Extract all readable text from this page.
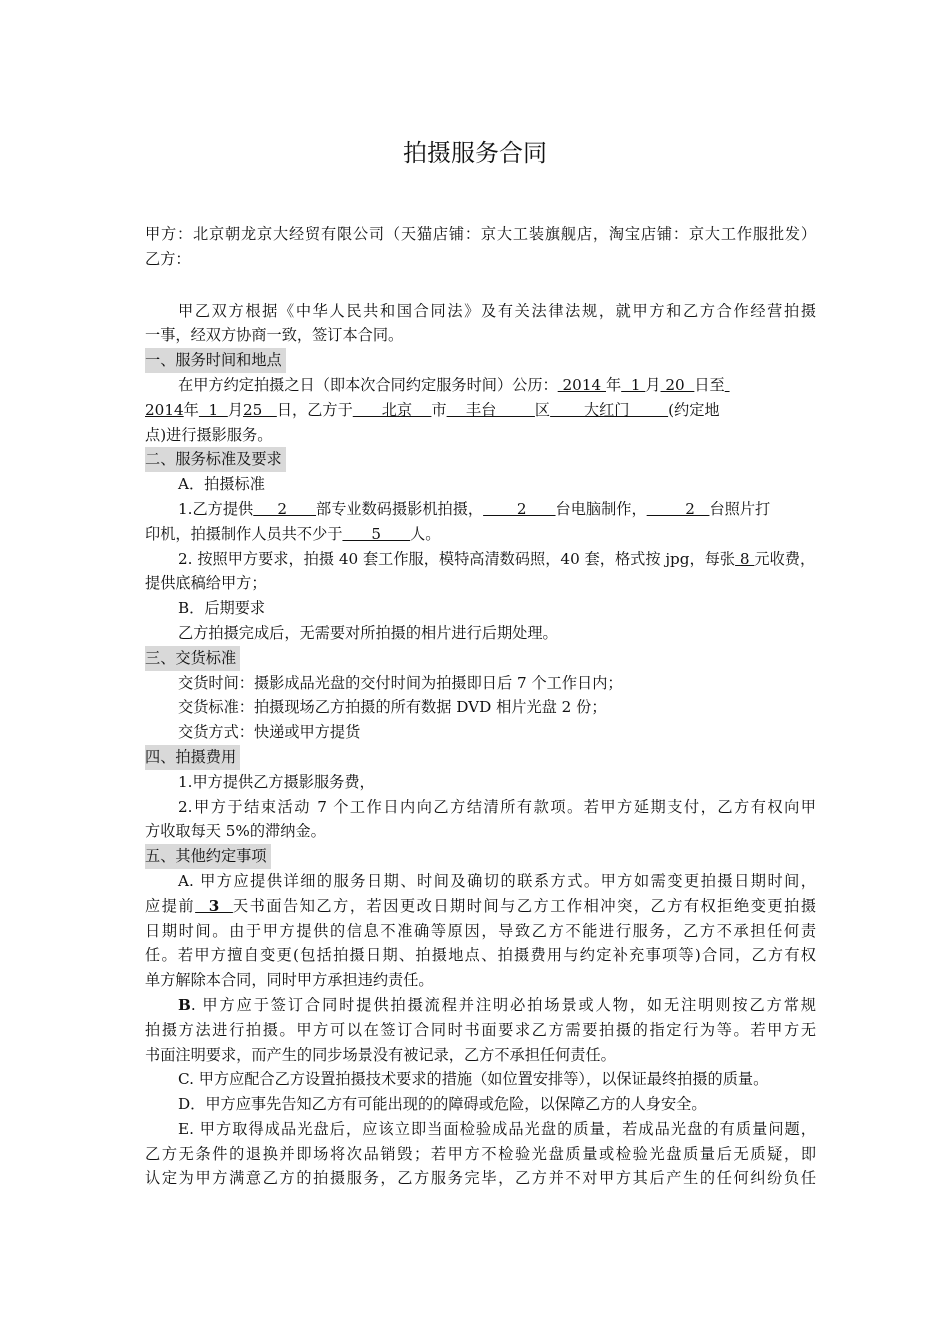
拍摄服务合同
甲方：北京朝龙京大经贸有限公司（天猫店铺：京大工装旗舰店，淘宝店铺：京大工作服批发）
乙方：
甲乙双方根据《中华人民共和国合同法》及有关法律法规，就甲方和乙方合作经营拍摄
一事，经双方协商一致，签订本合同。
一、服务时间和地点
在甲方约定拍摄之日（即本次合同约定服务时间）公历： 2014 年  1 月 20  日至
2014年  1  月25   日，乙方于      北京    市    丰台        区       大红门        (约定地
点)进行摄影服务。
二、服务标准及要求
A．拍摄标准
1.乙方提供     2      部专业数码摄影机拍摄，       2      台电脑制作，        2   台照片打
印机，拍摄制作人员共不少于      5      人。
2. 按照甲方要求，拍摄 40 套工作服，模特高清数码照，40 套，格式按 jpg，每张 8 元收费，
提供底稿给甲方；
B．后期要求
乙方拍摄完成后，无需要对所拍摄的相片进行后期处理。
三、交货标准
交货时间：摄影成品光盘的交付时间为拍摄即日后 7 个工作日内；
交货标准：拍摄现场乙方拍摄的所有数据 DVD 相片光盘 2 份；
交货方式：快递或甲方提货
四、拍摄费用
1.甲方提供乙方摄影服务费，
2.甲方于结束活动 7 个工作日内向乙方结清所有款项。若甲方延期支付，乙方有权向甲
方收取每天 5%的滞纳金。
五、其他约定事项
A. 甲方应提供详细的服务日期、时间及确切的联系方式。甲方如需变更拍摄日期时间，
应提前  3  天书面告知乙方，若因更改日期时间与乙方工作相冲突，乙方有权拒绝变更拍摄
日期时间。由于甲方提供的信息不准确等原因，导致乙方不能进行服务，乙方不承担任何责
任。若甲方擅自变更(包括拍摄日期、拍摄地点、拍摄费用与约定补充事项等)合同，乙方有权
单方解除本合同，同时甲方承担违约责任。
B. 甲方应于签订合同时提供拍摄流程并注明必拍场景或人物，如无注明则按乙方常规
拍摄方法进行拍摄。甲方可以在签订合同时书面要求乙方需要拍摄的指定行为等。若甲方无
书面注明要求，而产生的同步场景没有被记录，乙方不承担任何责任。
C. 甲方应配合乙方设置拍摄技术要求的措施（如位置安排等），以保证最终拍摄的质量。
D．甲方应事先告知乙方有可能出现的的障碍或危险，以保障乙方的人身安全。
E. 甲方取得成品光盘后，应该立即当面检验成品光盘的质量，若成品光盘的有质量问题，
乙方无条件的退换并即场将次品销毁；若甲方不检验光盘质量或检验光盘质量后无质疑，即
认定为甲方满意乙方的拍摄服务，乙方服务完毕，乙方并不对甲方其后产生的任何纠纷负任
